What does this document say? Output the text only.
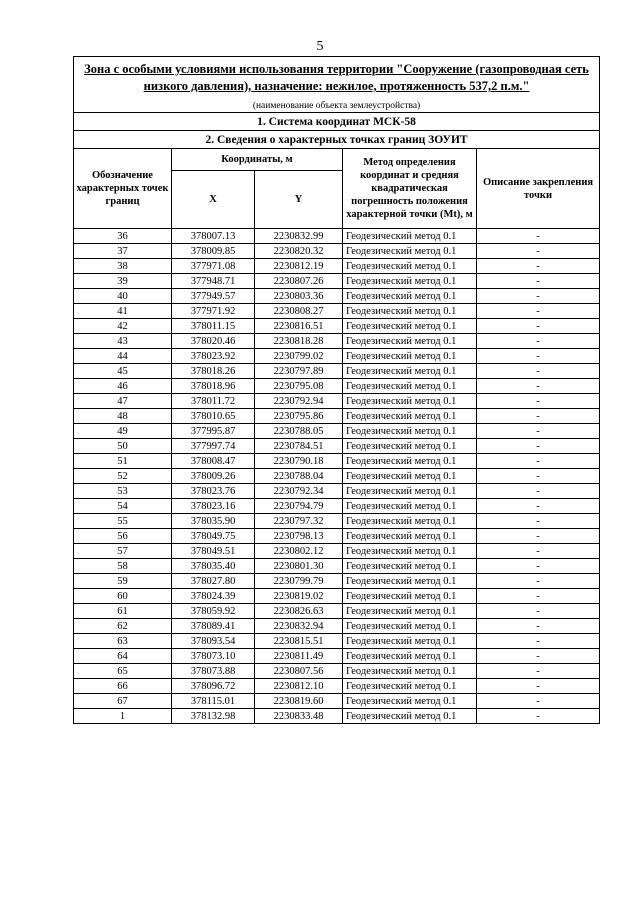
5
Зона с особыми условиями использования территории "Сооружение (газопроводная сеть низкого давления), назначение: нежилое, протяженность 537,2 п.м."				
(наименование объекта землеустройства)				
1. Система координат МСК-58				
2. Сведения о характерных точках границ ЗОУИТ				
Обозначение характерных точек границ	Координаты, м		Метод определения координат и средняя квадратическая погрешность положения характерной точки (Mt), м	Описание закрепления точки
	X	Y		
36	378007.13	2230832.99	Геодезический метод 0.1	-
37	378009.85	2230820.32	Геодезический метод 0.1	-
38	377971.08	2230812.19	Геодезический метод 0.1	-
39	377948.71	2230807.26	Геодезический метод 0.1	-
40	377949.57	2230803.36	Геодезический метод 0.1	-
41	377971.92	2230808.27	Геодезический метод 0.1	-
42	378011.15	2230816.51	Геодезический метод 0.1	-
43	378020.46	2230818.28	Геодезический метод 0.1	-
44	378023.92	2230799.02	Геодезический метод 0.1	-
45	378018.26	2230797.89	Геодезический метод 0.1	-
46	378018.96	2230795.08	Геодезический метод 0.1	-
47	378011.72	2230792.94	Геодезический метод 0.1	-
48	378010.65	2230795.86	Геодезический метод 0.1	-
49	377995.87	2230788.05	Геодезический метод 0.1	-
50	377997.74	2230784.51	Геодезический метод 0.1	-
51	378008.47	2230790.18	Геодезический метод 0.1	-
52	378009.26	2230788.04	Геодезический метод 0.1	-
53	378023.76	2230792.34	Геодезический метод 0.1	-
54	378023.16	2230794.79	Геодезический метод 0.1	-
55	378035.90	2230797.32	Геодезический метод 0.1	-
56	378049.75	2230798.13	Геодезический метод 0.1	-
57	378049.51	2230802.12	Геодезический метод 0.1	-
58	378035.40	2230801.30	Геодезический метод 0.1	-
59	378027.80	2230799.79	Геодезический метод 0.1	-
60	378024.39	2230819.02	Геодезический метод 0.1	-
61	378059.92	2230826.63	Геодезический метод 0.1	-
62	378089.41	2230832.94	Геодезический метод 0.1	-
63	378093.54	2230815.51	Геодезический метод 0.1	-
64	378073.10	2230811.49	Геодезический метод 0.1	-
65	378073.88	2230807.56	Геодезический метод 0.1	-
66	378096.72	2230812.10	Геодезический метод 0.1	-
67	378115.01	2230819.60	Геодезический метод 0.1	-
1	378132.98	2230833.48	Геодезический метод 0.1	-
